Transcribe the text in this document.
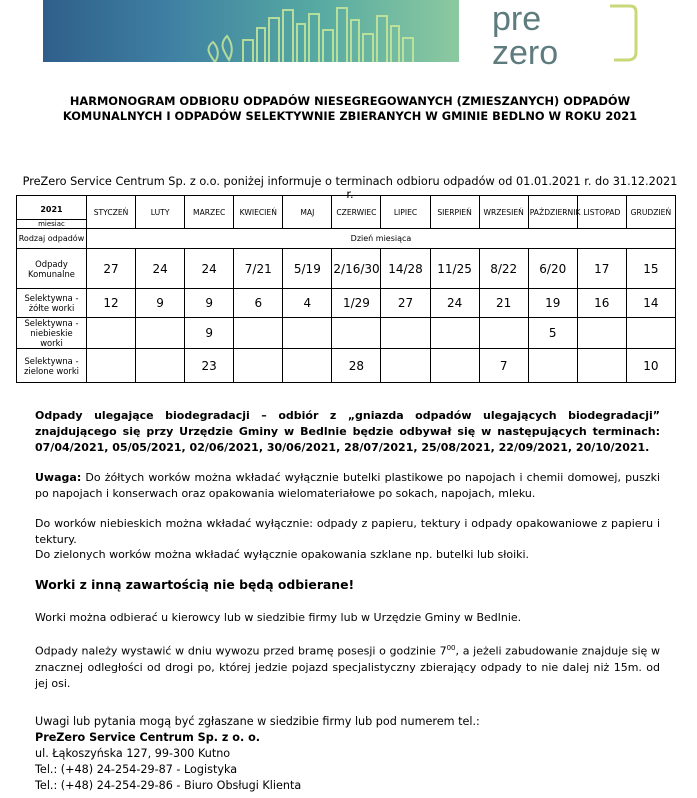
pre
zero
HARMONOGRAM ODBIORU ODPADÓW NIESEGREGOWANYCH (ZMIESZANYCH) ODPADÓW
KOMUNALNYCH I ODPADÓW SELEKTYWNIE ZBIERANYCH W GMINIE BEDLNO W ROKU 2021
PreZero Service Centrum Sp. z o.o. poniżej informuje o terminach odbioru odpadów od 01.01.2021 r. do 31.12.2021 r.
2021	STYCZEŃ	LUTY	MARZEC	KWIECIEŃ	MAJ	CZERWIEC	LIPIEC	SIERPIEŃ	WRZESIEŃ	PAŹDZIERNIK	LISTOPAD	GRUDZIEŃ
miesiac												
Rodzaj odpadów	Dzień miesiąca											
Odpady Komunalne	27	24	24	7/21	5/19	2/16/30	14/28	11/25	8/22	6/20	17	15
Selektywna - żółte worki	12	9	9	6	4	1/29	27	24	21	19	16	14
Selektywna - niebieskie worki			9							5		
Selektywna - zielone worki			23			28			7			10
Odpady ulegające biodegradacji – odbiór z „gniazda odpadów ulegających biodegradacji” znajdującego się przy Urzędzie Gminy w Bedlnie będzie odbywał się w następujących terminach: 07/04/2021, 05/05/2021, 02/06/2021, 30/06/2021, 28/07/2021, 25/08/2021, 22/09/2021, 20/10/2021.
Uwaga: Do żółtych worków można wkładać wyłącznie butelki plastikowe po napojach i chemii domowej, puszki po napojach i konserwach oraz opakowania wielomateriałowe po sokach, napojach, mleku.
Do worków niebieskich można wkładać wyłącznie: odpady z papieru, tektury i odpady opakowaniowe z papieru i tektury.
Do zielonych worków można wkładać wyłącznie opakowania szklane np. butelki lub słoiki.
Worki z inną zawartością nie będą odbierane!
Worki można odbierać u kierowcy lub w siedzibie firmy lub w Urzędzie Gminy w Bedlnie.
Odpady należy wystawić w dniu wywozu przed bramę posesji o godzinie $7^{00}$, a jeżeli zabudowanie znajduje się w znacznej odległości od drogi po, której jedzie pojazd specjalistyczny zbierający odpady to nie dalej niż 15m. od jej osi.
Uwagi lub pytania mogą być zgłaszane w siedzibie firmy lub pod numerem tel.:
PreZero Service Centrum Sp. z o. o.
ul. Łąkoszyńska 127, 99-300 Kutno
Tel.: (+48) 24-254-29-87 - Logistyka
Tel.: (+48) 24-254-29-86 - Biuro Obsługi Klienta
